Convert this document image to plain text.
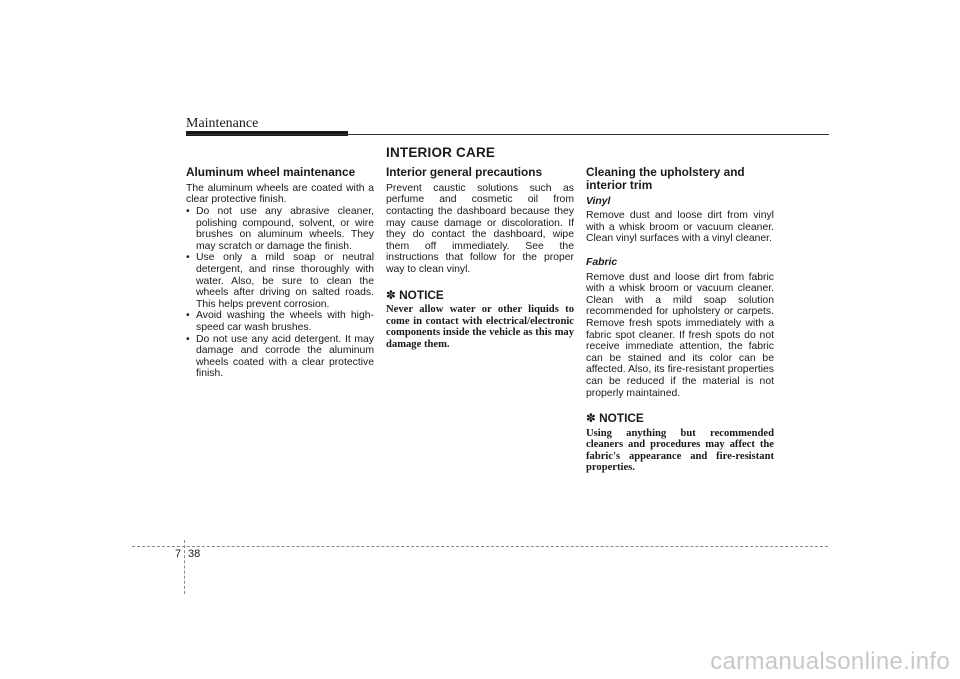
Maintenance
INTERIOR CARE
Aluminum wheel maintenance

The aluminum wheels are coated with a clear protective finish.

• Do not use any abrasive cleaner, polishing compound, solvent, or wire brushes on aluminum wheels. They may scratch or damage the finish.
• Use only a mild soap or neutral detergent, and rinse thoroughly with water. Also, be sure to clean the wheels after driving on salted roads. This helps prevent corrosion.
• Avoid washing the wheels with high-speed car wash brushes.
• Do not use any acid detergent. It may damage and corrode the aluminum wheels coated with a clear protective finish.
Interior general precautions

Prevent caustic solutions such as perfume and cosmetic oil from contacting the dashboard because they may cause damage or discoloration. If they do contact the dashboard, wipe them off immediately. See the instructions that follow for the proper way to clean vinyl.

✽ NOTICE
Never allow water or other liquids to come in contact with electrical/electronic components inside the vehicle as this may damage them.
Cleaning the upholstery and interior trim
Vinyl

Remove dust and loose dirt from vinyl with a whisk broom or vacuum cleaner. Clean vinyl surfaces with a vinyl cleaner.

Fabric

Remove dust and loose dirt from fabric with a whisk broom or vacuum cleaner. Clean with a mild soap solution recommended for upholstery or carpets. Remove fresh spots immediately with a fabric spot cleaner. If fresh spots do not receive immediate attention, the fabric can be stained and its color can be affected. Also, its fire-resistant properties can be reduced if the material is not properly maintained.

✽ NOTICE
Using anything but recommended cleaners and procedures may affect the fabric's appearance and fire-resistant properties.
7 38
carmanualsonline.info
